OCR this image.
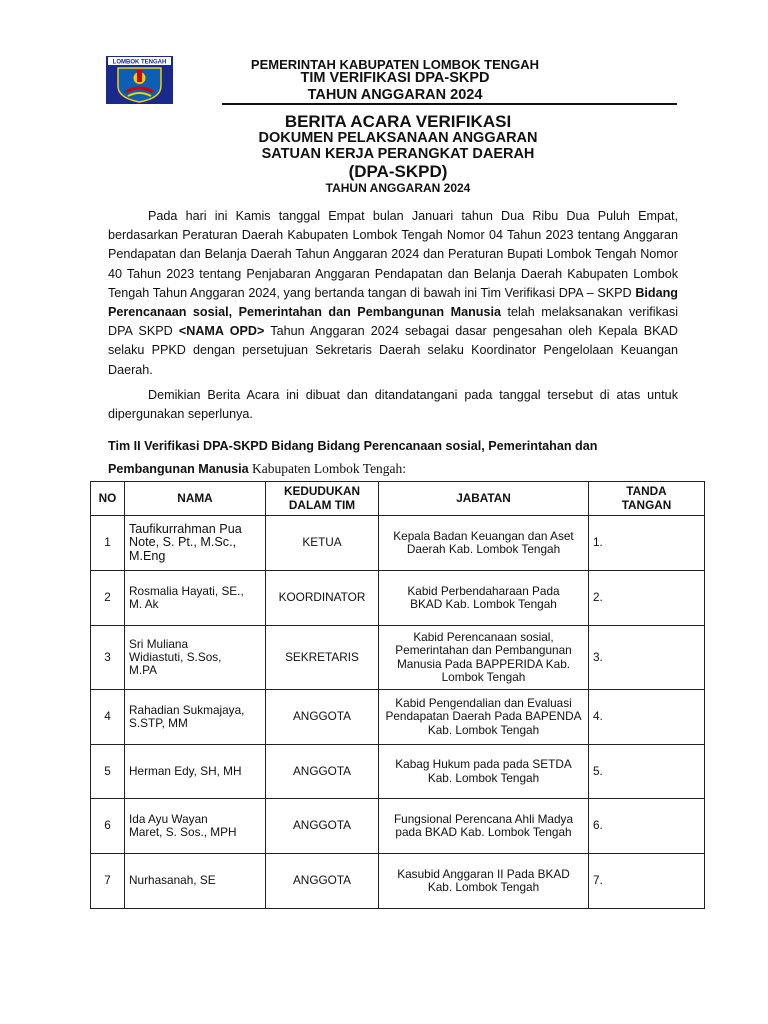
LOMBOK TENGAH	PEMERINTAH KABUPATEN LOMBOK TENGAH
TIM VERIFIKASI DPA-SKPD
TAHUN ANGGARAN 2024
BERITA ACARA VERIFIKASI
DOKUMEN PELAKSANAAN ANGGARAN
SATUAN KERJA PERANGKAT DAERAH
(DPA-SKPD)
TAHUN ANGGARAN 2024
Pada hari ini Kamis tanggal Empat bulan Januari tahun Dua Ribu Dua Puluh Empat, berdasarkan Peraturan Daerah Kabupaten Lombok Tengah Nomor 04 Tahun 2023 tentang Anggaran Pendapatan dan Belanja Daerah Tahun Anggaran 2024 dan Peraturan Bupati Lombok Tengah Nomor 40 Tahun 2023 tentang Penjabaran Anggaran Pendapatan dan Belanja Daerah Kabupaten Lombok Tengah Tahun Anggaran 2024, yang bertanda tangan di bawah ini Tim Verifikasi DPA – SKPD Bidang Perencanaan sosial, Pemerintahan dan Pembangunan Manusia telah melaksanakan verifikasi DPA SKPD <NAMA OPD> Tahun Anggaran 2024 sebagai dasar pengesahan oleh Kepala BKAD selaku PPKD dengan persetujuan Sekretaris Daerah selaku Koordinator Pengelolaan Keuangan Daerah.
Demikian Berita Acara ini dibuat dan ditandatangani pada tanggal tersebut di atas untuk dipergunakan seperlunya.
Tim II Verifikasi DPA-SKPD Bidang Bidang Perencanaan sosial, Pemerintahan dan Pembangunan Manusia Kabupaten Lombok Tengah:
NO	NAMA	KEDUDUKAN DALAM TIM	JABATAN	TANDA TANGAN
1	Taufikurrahman Pua Note, S. Pt., M.Sc., M.Eng	KETUA	Kepala Badan Keuangan dan Aset Daerah Kab. Lombok Tengah	1.
2	Rosmalia Hayati, SE., M. Ak	KOORDINATOR	Kabid Perbendaharaan Pada BKAD Kab. Lombok Tengah	2.
3	Sri Muliana Widiastuti, S.Sos, M.PA	SEKRETARIS	Kabid Perencanaan sosial, Pemerintahan dan Pembangunan Manusia Pada BAPPERIDA Kab. Lombok Tengah	3.
4	Rahadian Sukmajaya, S.STP, MM	ANGGOTA	Kabid Pengendalian dan Evaluasi Pendapatan Daerah Pada BAPENDA Kab. Lombok Tengah	4.
5	Herman Edy, SH, MH	ANGGOTA	Kabag Hukum pada pada SETDA Kab. Lombok Tengah	5.
6	Ida Ayu Wayan Maret, S. Sos., MPH	ANGGOTA	Fungsional Perencana Ahli Madya pada BKAD Kab. Lombok Tengah	6.
7	Nurhasanah, SE	ANGGOTA	Kasubid Anggaran II Pada BKAD Kab. Lombok Tengah	7.
